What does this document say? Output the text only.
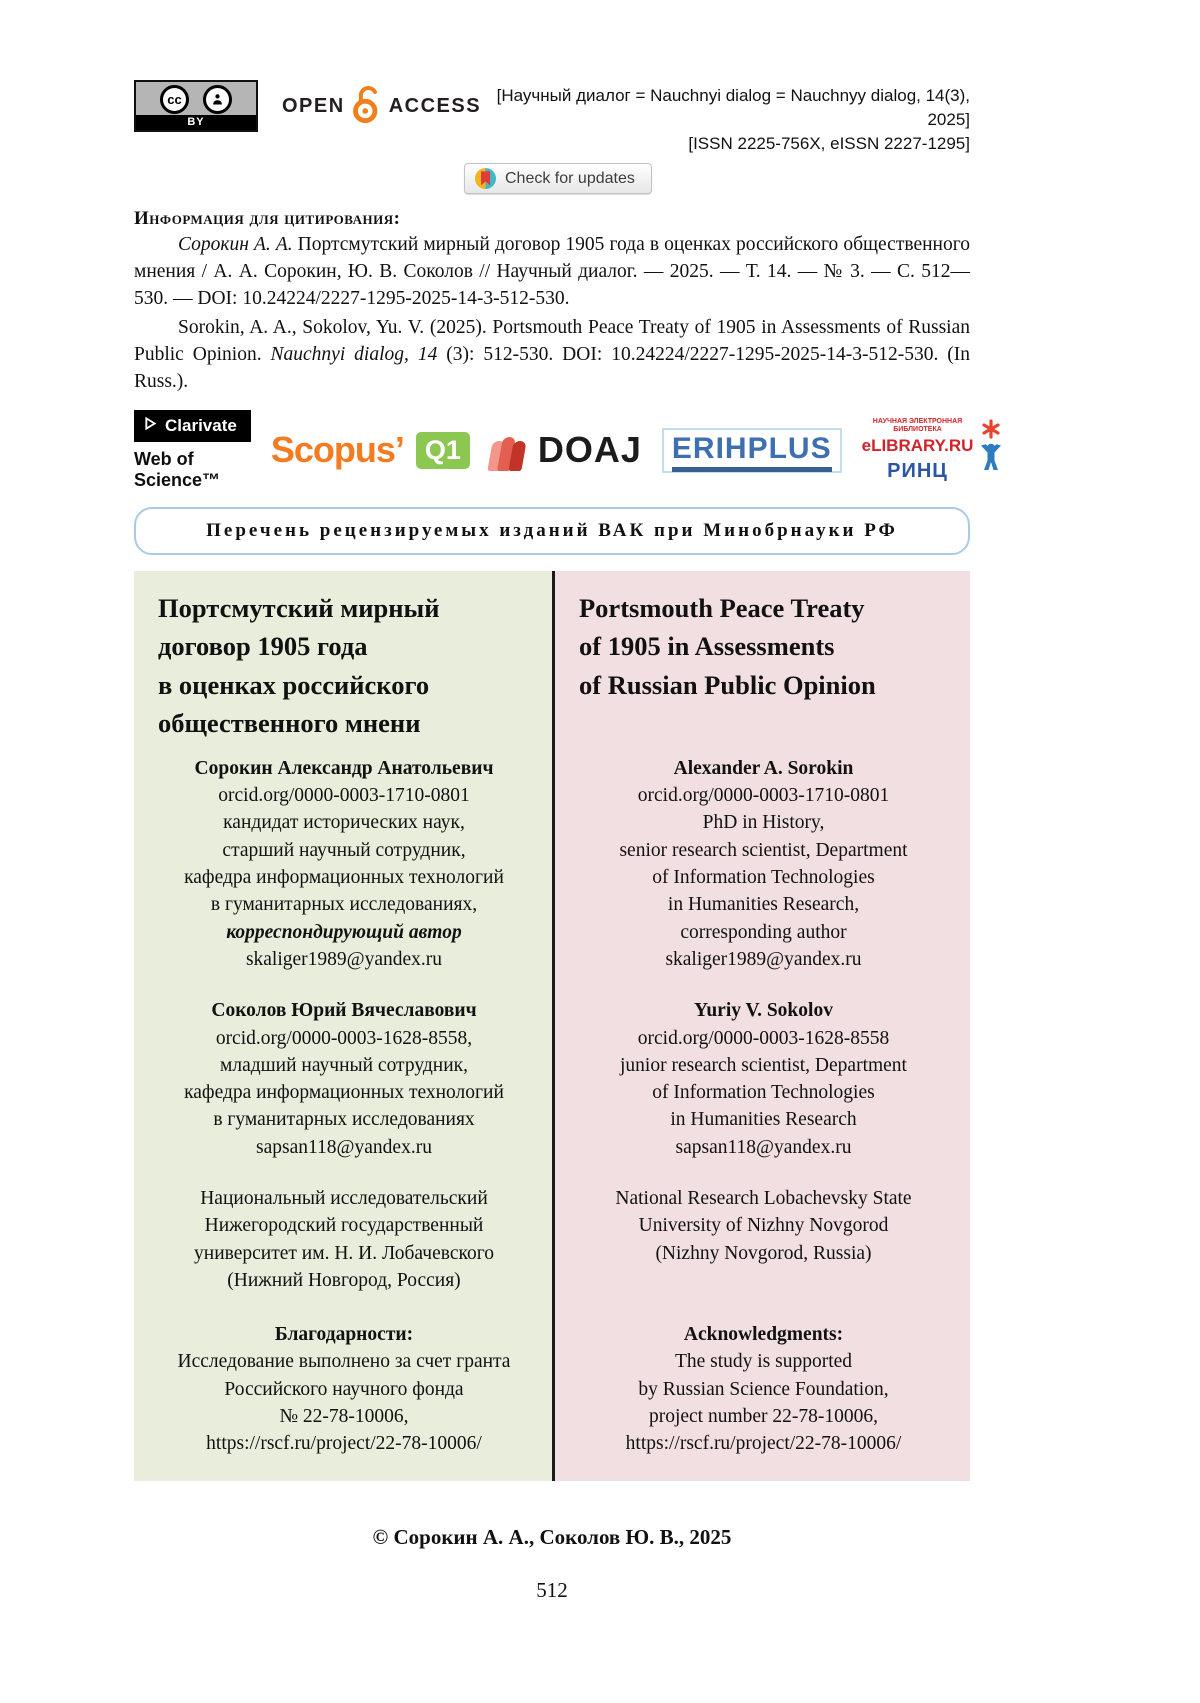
cc
BY
OPEN ACCESS [Научный диалог = Nauchnyi dialog = Nauchnyy dialog, 14(3), 2025]
[ISSN 2225-756X, eISSN 2227-1295]
Check for updates
Информация для цитирования:

Сорокин А. А. Портсмутский мирный договор 1905 года в оценках российского общественного мнения / А. А. Сорокин, Ю. В. Соколов // Научный диалог. — 2025. — Т. 14. — № 3. — С. 512—530. — DOI: 10.24224/2227-1295-2025-14-3-512-530.

Sorokin, A. A., Sokolov, Yu. V. (2025). Portsmouth Peace Treaty of 1905 in Assessments of Russian Public Opinion. Nauchnyi dialog, 14 (3): 512-530. DOI: 10.24224/2227-1295-2025-14-3-512-530. (In Russ.).

Clarivate
Web of Science™
Scopus’ Q1 DOAJ	ERIHPLUS
НАУЧНАЯ ЭЛЕКТРОННАЯ
БИБЛИОТЕКА
eLIBRARY.RU
РИНЦ
Перечень рецензируемых изданий ВАК при Минобрнауки РФ
Портсмутский мирный
договор 1905 года
в оценках российского
общественного мнени
Сорокин Александр Анатольевич
orcid.org/0000-0003-1710-0801
кандидат исторических наук,
старший научный сотрудник,
кафедра информационных технологий
в гуманитарных исследованиях,
корреспондирующий автор
skaliger1989@yandex.ru
Соколов Юрий Вячеславович
orcid.org/0000-0003-1628-8558,
младший научный сотрудник,
кафедра информационных технологий
в гуманитарных исследованиях
sapsan118@yandex.ru
Национальный исследовательский
Нижегородский государственный
университет им. Н. И. Лобачевского
(Нижний Новгород, Россия)
Благодарности:
Исследование выполнено за счет гранта
Российского научного фонда
№ 22-78-10006,
https://rscf.ru/project/22-78-10006/
Portsmouth Peace Treaty
of 1905 in Assessments
of Russian Public Opinion
Alexander A. Sorokin
orcid.org/0000-0003-1710-0801
PhD in History,
senior research scientist, Department
of Information Technologies
in Humanities Research,
corresponding author
skaliger1989@yandex.ru
Yuriy V. Sokolov
orcid.org/0000-0003-1628-8558
junior research scientist, Department
of Information Technologies
in Humanities Research
sapsan118@yandex.ru
National Research Lobachevsky State
University of Nizhny Novgorod
(Nizhny Novgorod, Russia)
Acknowledgments:
The study is supported
by Russian Science Foundation,
project number 22-78-10006,
https://rscf.ru/project/22-78-10006/
© Сорокин А. А., Соколов Ю. В., 2025
512
